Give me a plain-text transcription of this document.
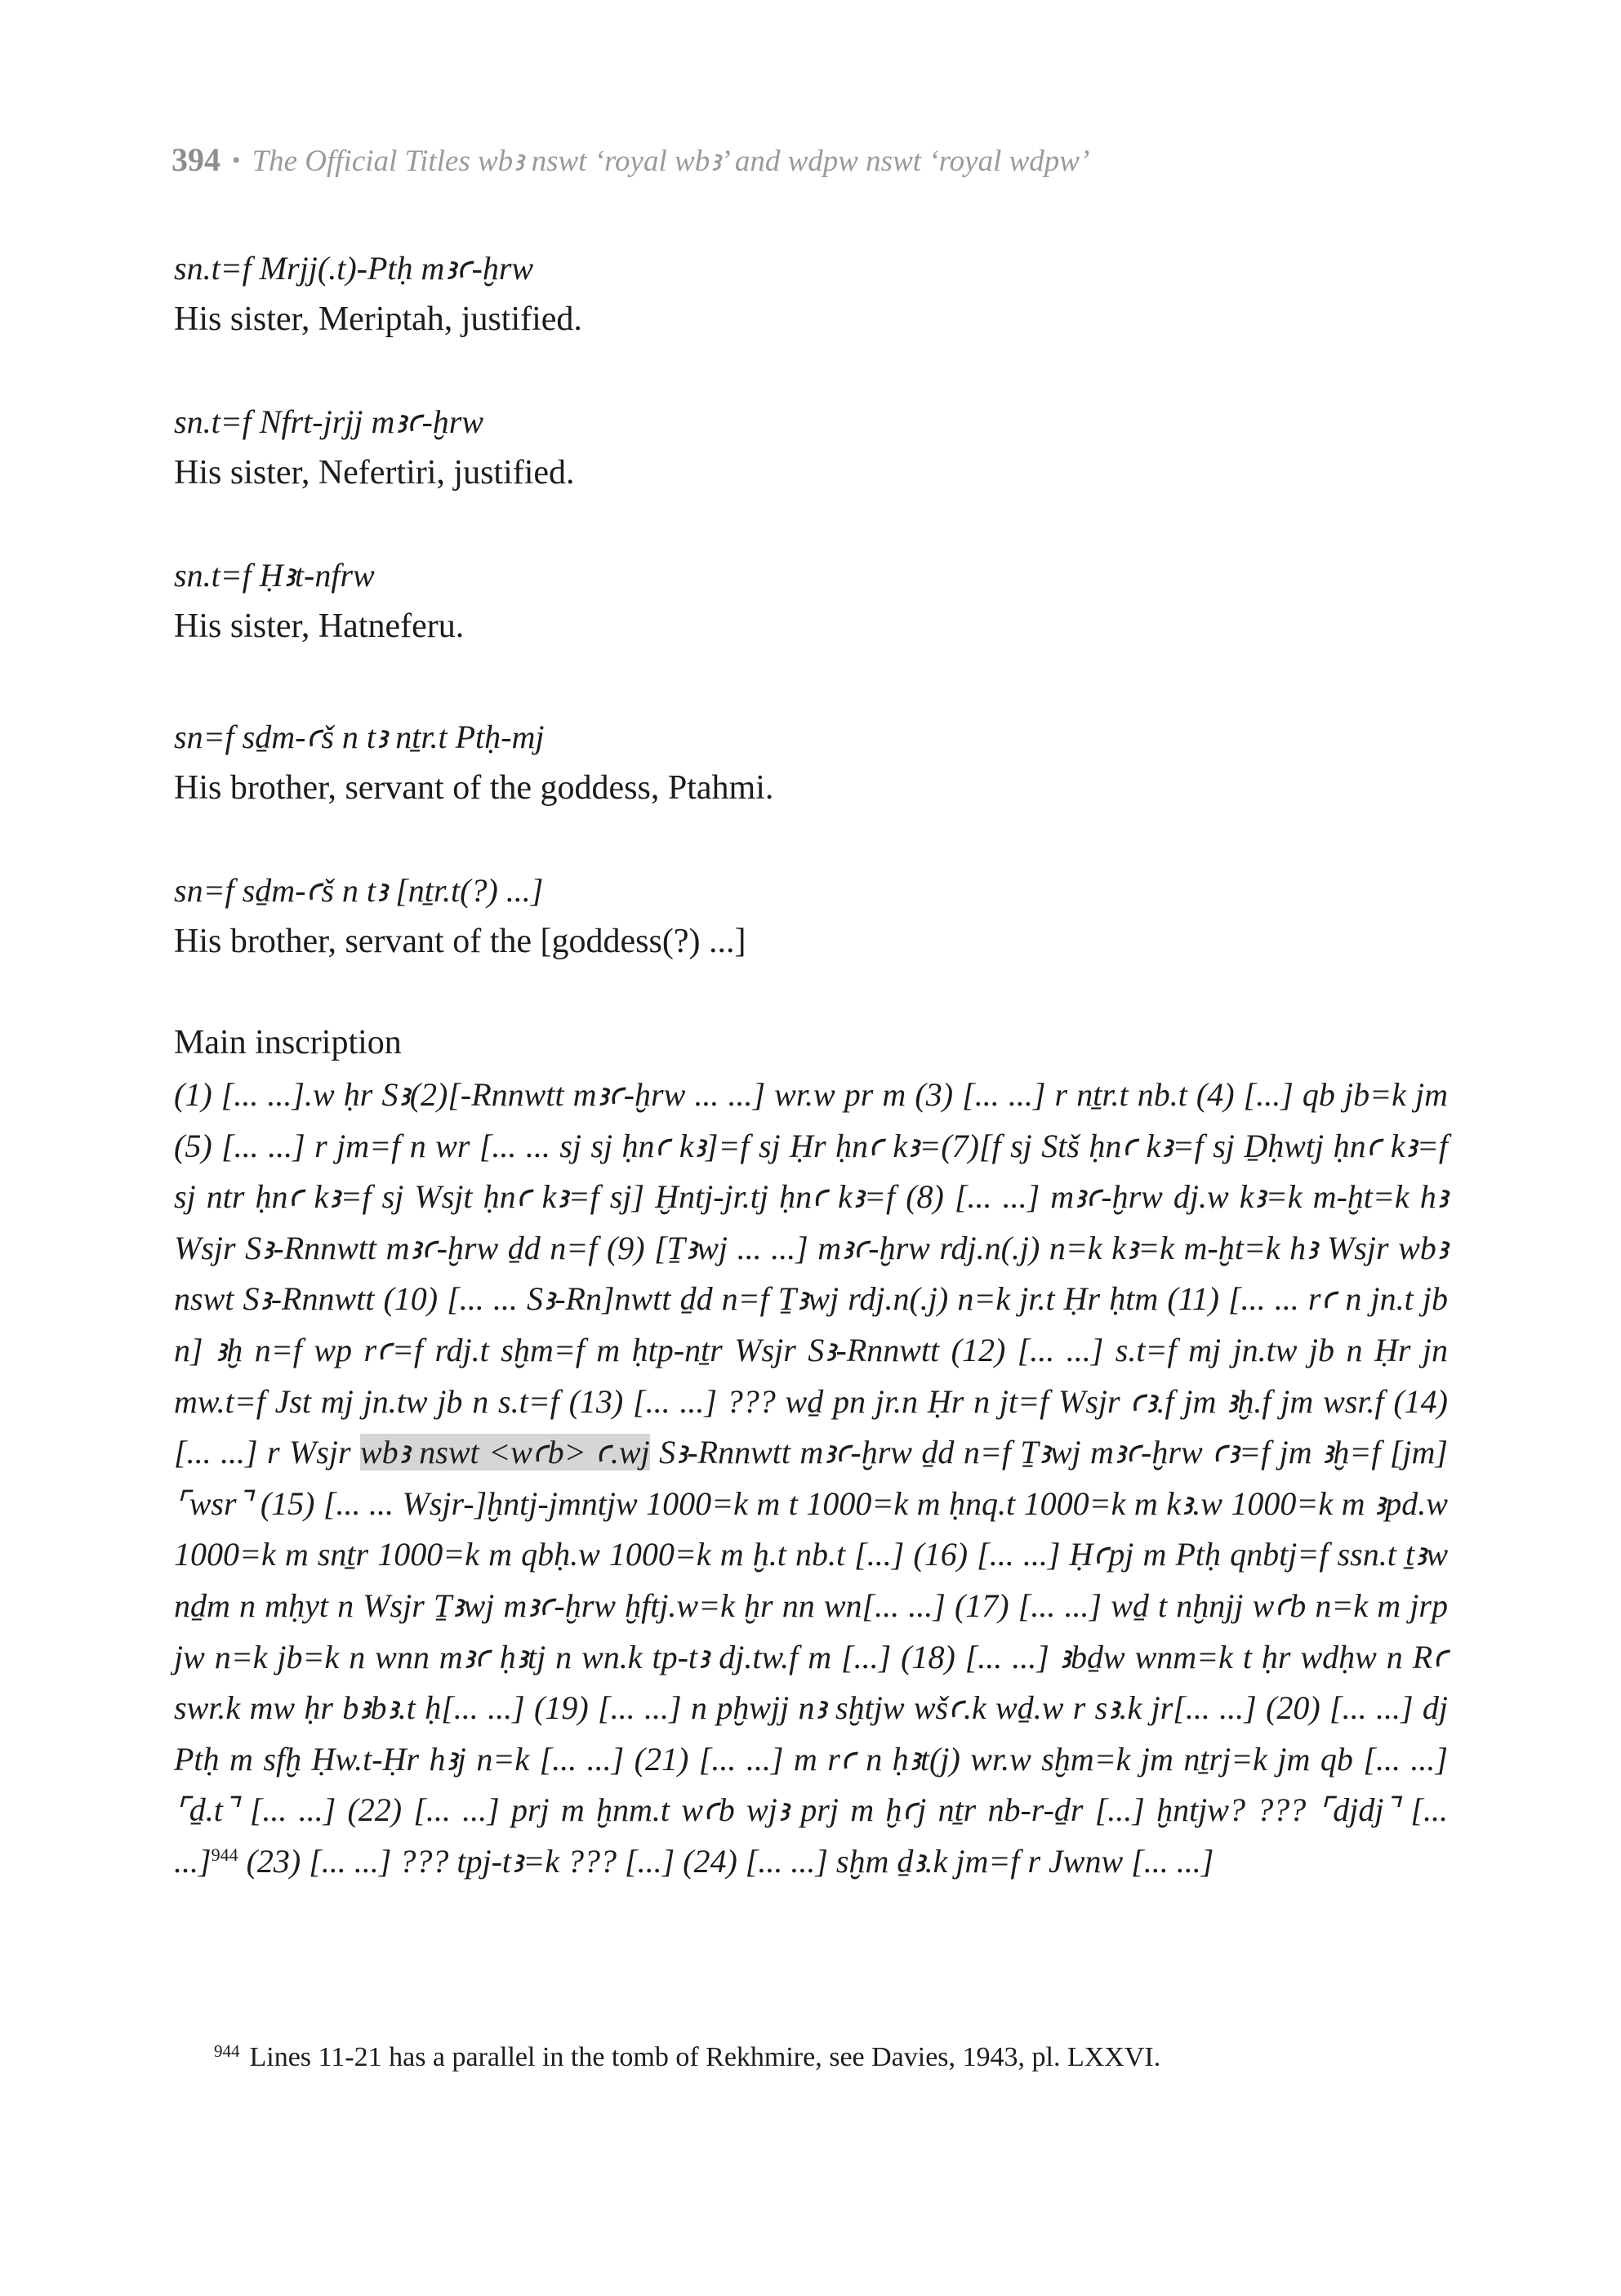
394 • The Official Titles wbꜣ nswt ‘royal wbꜣ’ and wdpw nswt ‘royal wdpw’
sn.t=f Mrjj(.t)-Ptḥ mꜣꜥ-ḫrw
His sister, Meriptah, justified.
sn.t=f Nfrt-jrjj mꜣꜥ-ḫrw
His sister, Nefertiri, justified.
sn.t=f Ḥꜣt-nfrw
His sister, Hatneferu.
sn=f sḏm-ꜥš n tꜣ nṯr.t Ptḥ-mj
His brother, servant of the goddess, Ptahmi.
sn=f sḏm-ꜥš n tꜣ [nṯr.t(?) ...]
His brother, servant of the [goddess(?) ...]
Main inscription
(1) [... ...].w ḥr Sꜣ(2)[-Rnnwtt mꜣꜥ-ḫrw ... ...] wr.w pr m (3) [... ...] r nṯr.t nb.t (4) [...] qb jb=k jm (5) [... ...] r jm=f n wr [... ... sj sj ḥnꜥ kꜣ]=f sj Ḥr ḥnꜥ kꜣ=(7)[f sj Stš ḥnꜥ kꜣ=f sj Ḏḥwtj ḥnꜥ kꜣ=f sj ntr ḥnꜥ kꜣ=f sj Wsjt ḥnꜥ kꜣ=f sj] Ḫntj-jr.tj ḥnꜥ kꜣ=f (8) [... ...] mꜣꜥ-ḫrw dj.w kꜣ=k m-ḫt=k hꜣ Wsjr Sꜣ-Rnnwtt mꜣꜥ-ḫrw ḏd n=f (9) [Ṯꜣwj ... ...] mꜣꜥ-ḫrw rdj.n(.j) n=k kꜣ=k m-ḫt=k hꜣ Wsjr wbꜣ nswt Sꜣ-Rnnwtt (10) [... ... Sꜣ-Rn]nwtt ḏd n=f Ṯꜣwj rdj.n(.j) n=k jr.t Ḥr ḥtm (11) [... ... rꜥ n jn.t jb n] ꜣḫ n=f wp rꜥ=f rdj.t sḫm=f m ḥtp-nṯr Wsjr Sꜣ-Rnnwtt (12) [... ...] s.t=f mj jn.tw jb n Ḥr jn mw.t=f Jst mj jn.tw jb n s.t=f (13) [... ...] ??? wḏ pn jr.n Ḥr n jt=f Wsjr ꜥꜣ.f jm ꜣḫ.f jm wsr.f (14) [... ...] r Wsjr wbꜣ nswt <wꜥb> ꜥ.wj Sꜣ-Rnnwtt mꜣꜥ-ḫrw ḏd n=f Ṯꜣwj mꜣꜥ-ḫrw ꜥꜣ=f jm ꜣḫ=f [jm] ⌜wsr⌝ (15) [... ... Wsjr-]ḫntj-jmntjw 1000=k m t 1000=k m ḥnq.t 1000=k m kꜣ.w 1000=k m ꜣpd.w 1000=k m snṯr 1000=k m qbḥ.w 1000=k m ḫ.t nb.t [...] (16) [... ...] Ḥꜥpj m Ptḥ qnbtj=f ssn.t ṯꜣw nḏm n mḥyt n Wsjr Ṯꜣwj mꜣꜥ-ḫrw ḫftj.w=k ḫr nn wn[... ...] (17) [... ...] wḏ t nḫnjj wꜥb n=k m jrp jw n=k jb=k n wnn mꜣꜥ ḥꜣtj n wn.k tp-tꜣ dj.tw.f m [...] (18) [... ...] ꜣbḏw wnm=k t ḥr wdḥw n Rꜥ swr.k mw ḥr bꜣbꜣ.t ḥ[... ...] (19) [... ...] n pḫwjj nꜣ sḫtjw wšꜥ.k wḏ.w r sꜣ.k jr[... ...] (20) [... ...] dj Ptḥ m sfḫ Ḥw.t-Ḥr hꜣj n=k [... ...] (21) [... ...] m rꜥ n ḥꜣt(j) wr.w sḫm=k jm nṯrj=k jm qb [... ...] ⌜ḏ.t⌝ [... ...] (22) [... ...] prj m ḫnm.t wꜥb wjꜣ prj m ḫꜥj nṯr nb-r-ḏr [...] ḫntjw? ??? ⌜djdj⌝ [... ...]$^{944}$ (23) [... ...] ??? tpj-tꜣ=k ??? [...] (24) [... ...] sḫm ḏꜣ.k jm=f r Jwnw [... ...]
$^{944}$ Lines 11-21 has a parallel in the tomb of Rekhmire, see Davies, 1943, pl. LXXVI.
